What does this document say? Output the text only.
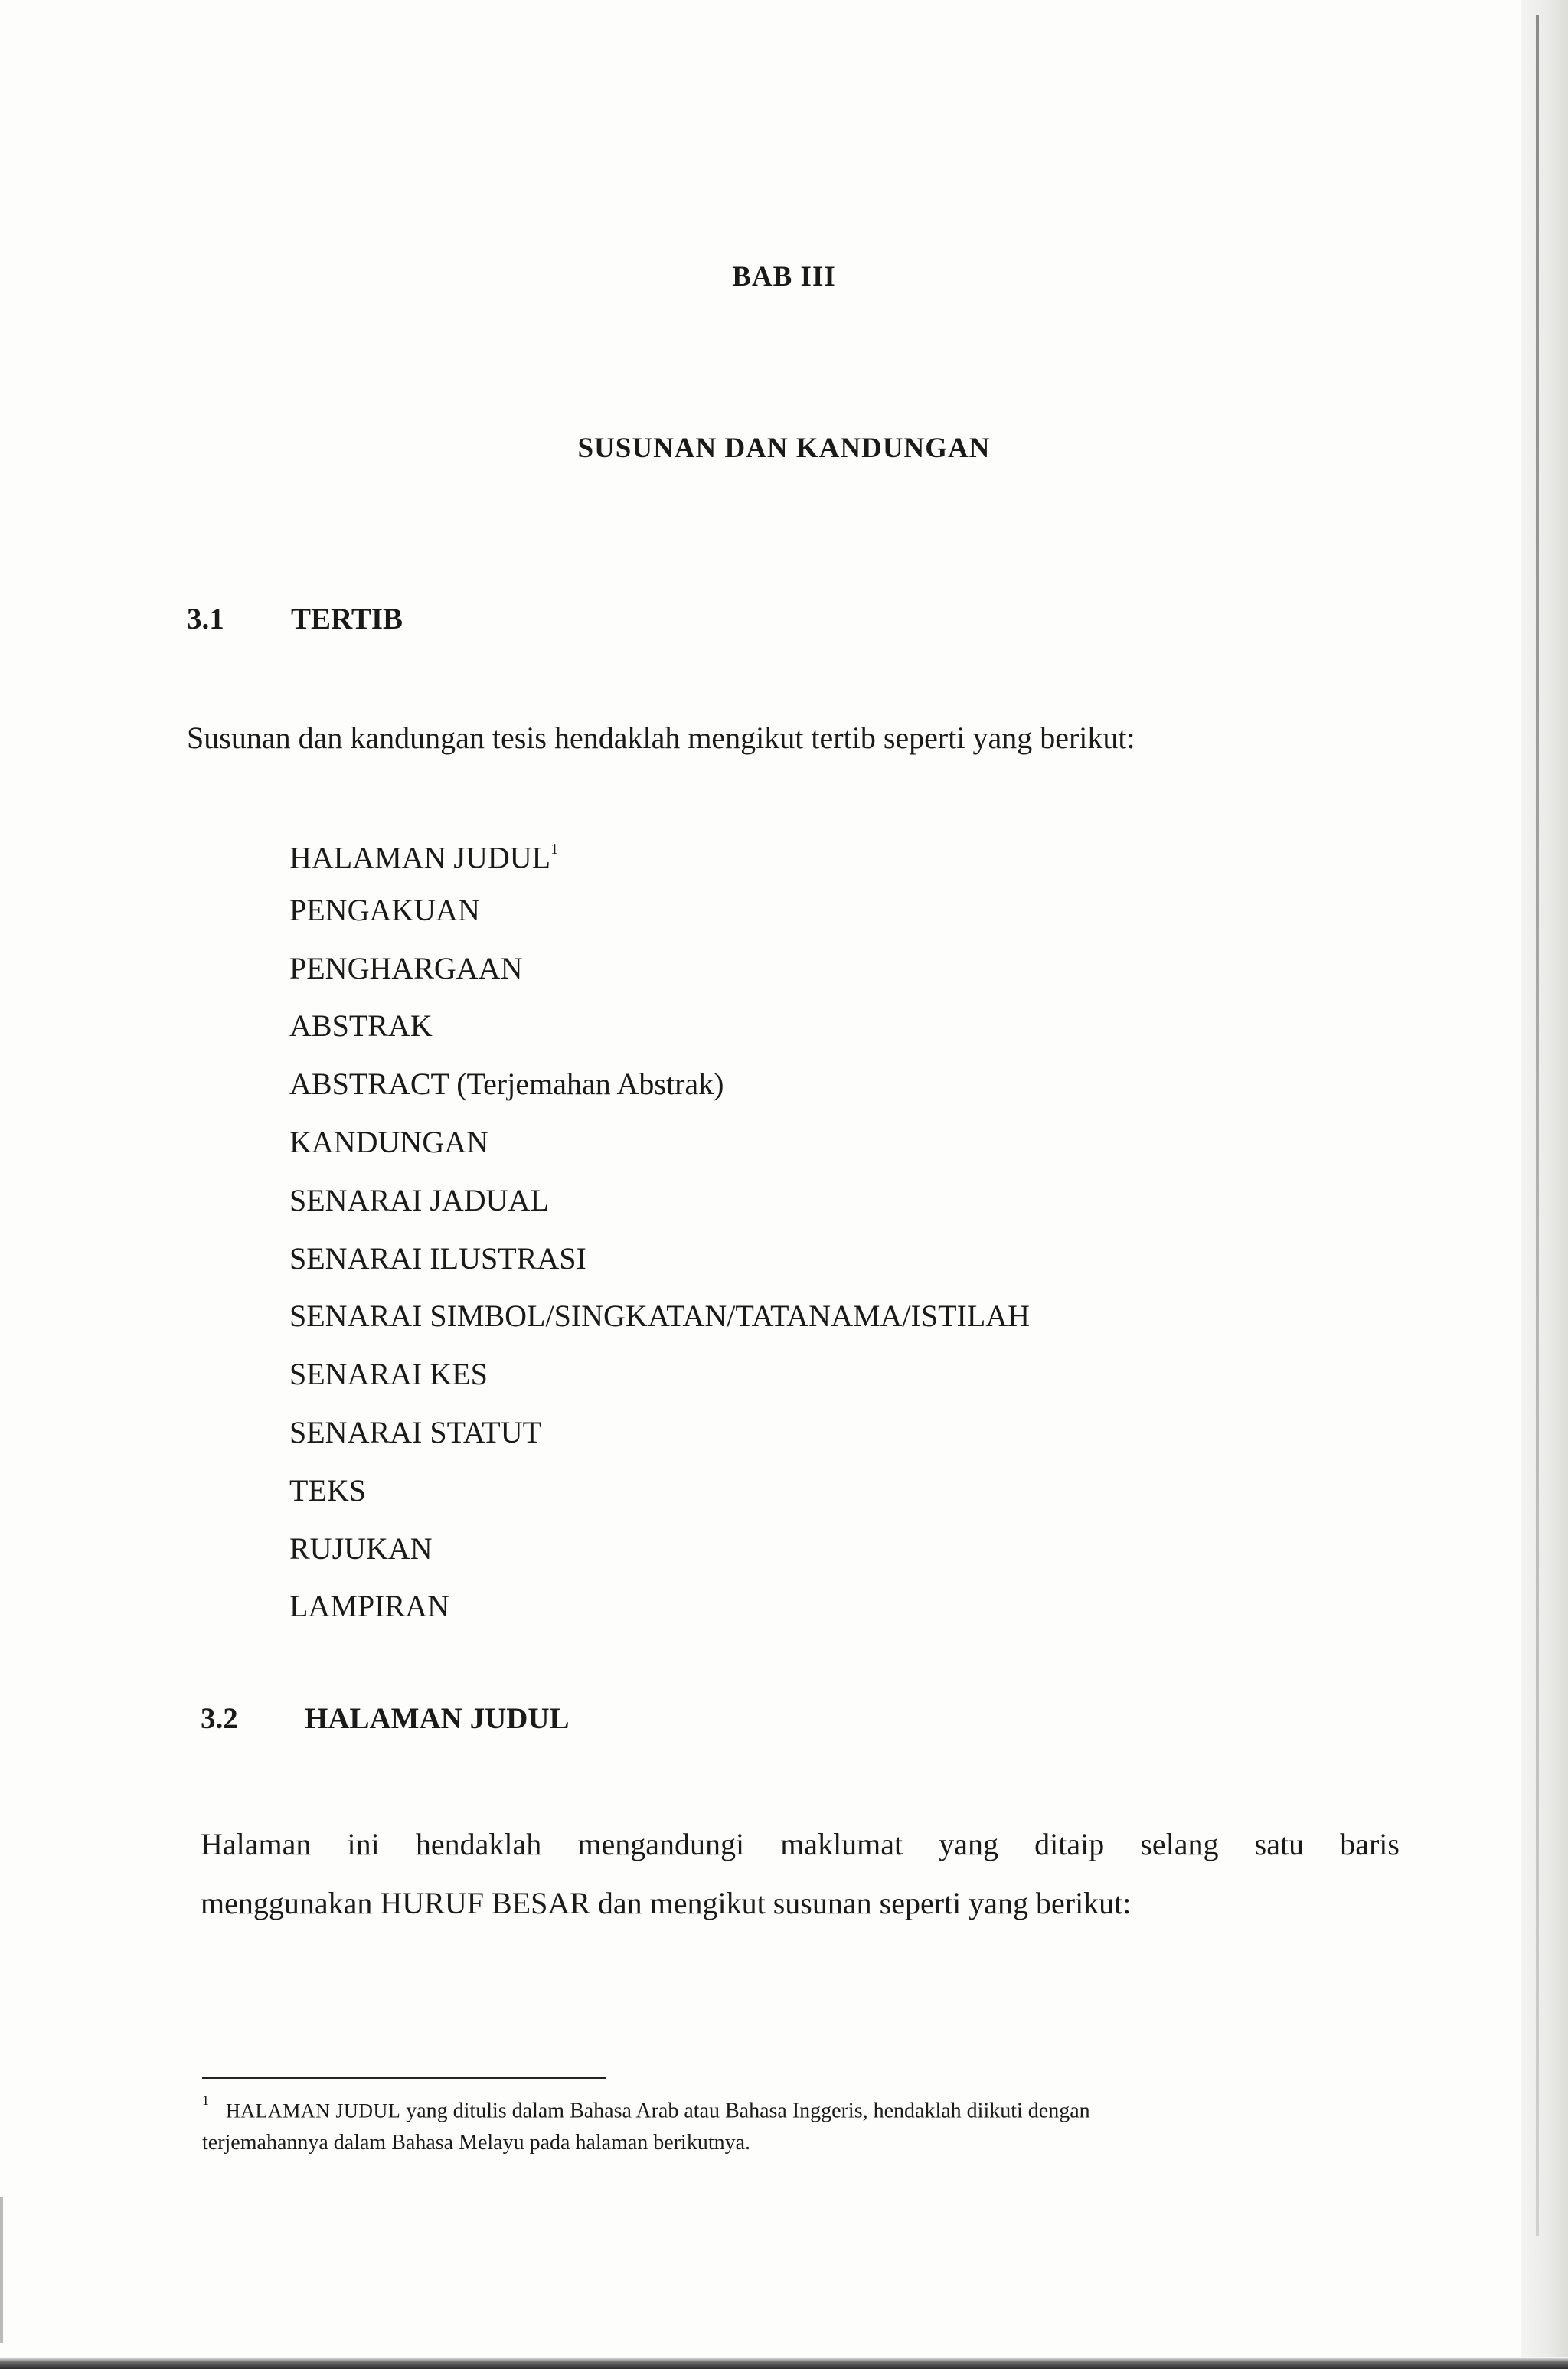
BAB III
SUSUNAN DAN KANDUNGAN
3.1 TERTIB
Susunan dan kandungan tesis hendaklah mengikut tertib seperti yang berikut:
HALAMAN JUDUL$^1$
PENGAKUAN
PENGHARGAAN
ABSTRAK
ABSTRACT (Terjemahan Abstrak)
KANDUNGAN
SENARAI JADUAL
SENARAI ILUSTRASI
SENARAI SIMBOL/SINGKATAN/TATANAMA/ISTILAH
SENARAI KES
SENARAI STATUT
TEKS
RUJUKAN
LAMPIRAN
3.2 HALAMAN JUDUL
Halaman ini hendaklah mengandungi maklumat yang ditaip selang satu baris
menggunakan HURUF BESAR dan mengikut susunan seperti yang berikut:
$^1$ HALAMAN JUDUL yang ditulis dalam Bahasa Arab atau Bahasa Inggeris, hendaklah diikuti dengan
terjemahannya dalam Bahasa Melayu pada halaman berikutnya.
